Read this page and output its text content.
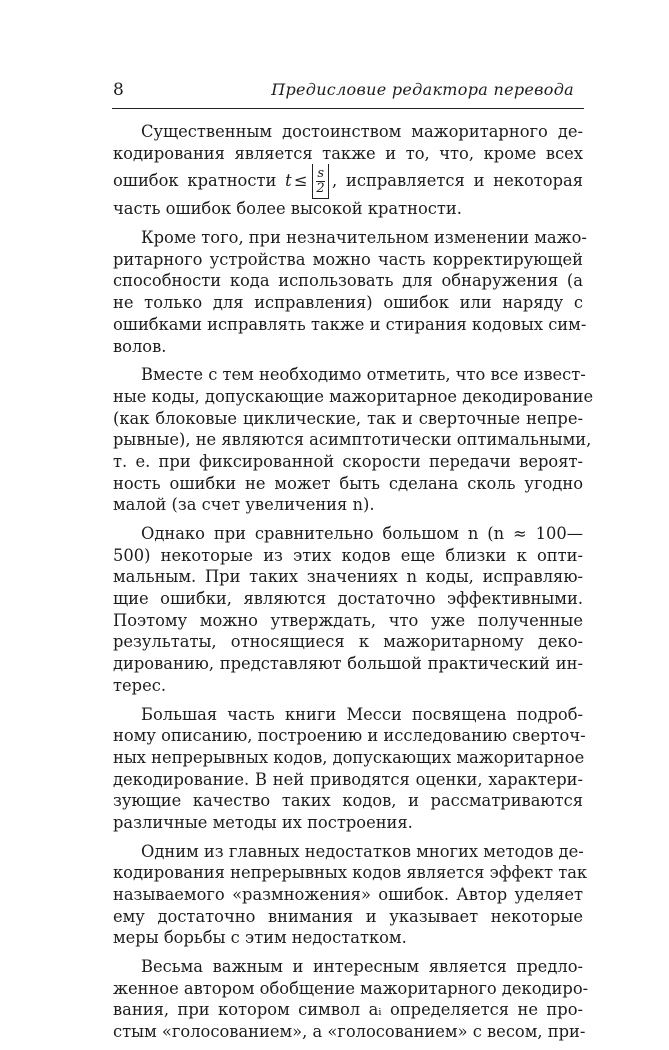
8	Предисловие редактора перевода

Существенным достоинством мажоритарного де-
кодирования является также и то, что, кроме всех
ошибок кратности $t \le \frac{s}{2}$ , исправляется и некоторая
часть ошибок более высокой кратности.

Кроме того, при незначительном изменении мажо-
ритарного устройства можно часть корректирующей
способности кода использовать для обнаружения (а
не только для исправления) ошибок или наряду с
ошибками исправлять также и стирания кодовых сим-
волов.

Вместе с тем необходимо отметить, что все извест-
ные коды, допускающие мажоритарное декодирование
(как блоковые циклические, так и сверточные непре-
рывные), не являются асимптотически оптимальными,
т. е. при фиксированной скорости передачи вероят-
ность ошибки не может быть сделана сколь угодно
малой (за счет увеличения n).

Однако при сравнительно большом n (n ≈ 100—
500) некоторые из этих кодов еще близки к опти-
мальным. При таких значениях n коды, исправляю-
щие ошибки, являются достаточно эффективными.
Поэтому можно утверждать, что уже полученные
результаты, относящиеся к мажоритарному деко-
дированию, представляют большой практический ин-
терес.

Большая часть книги Месси посвящена подроб-
ному описанию, построению и исследованию сверточ-
ных непрерывных кодов, допускающих мажоритарное
декодирование. В ней приводятся оценки, характери-
зующие качество таких кодов, и рассматриваются
различные методы их построения.

Одним из главных недостатков многих методов де-
кодирования непрерывных кодов является эффект так
называемого «размножения» ошибок. Автор уделяет
ему достаточно внимания и указывает некоторые
меры борьбы с этим недостатком.

Весьма важным и интересным является предло-
женное автором обобщение мажоритарного декодиро-
вания, при котором символ aᵢ определяется не про-
стым «голосованием», а «голосованием» с весом, при-
